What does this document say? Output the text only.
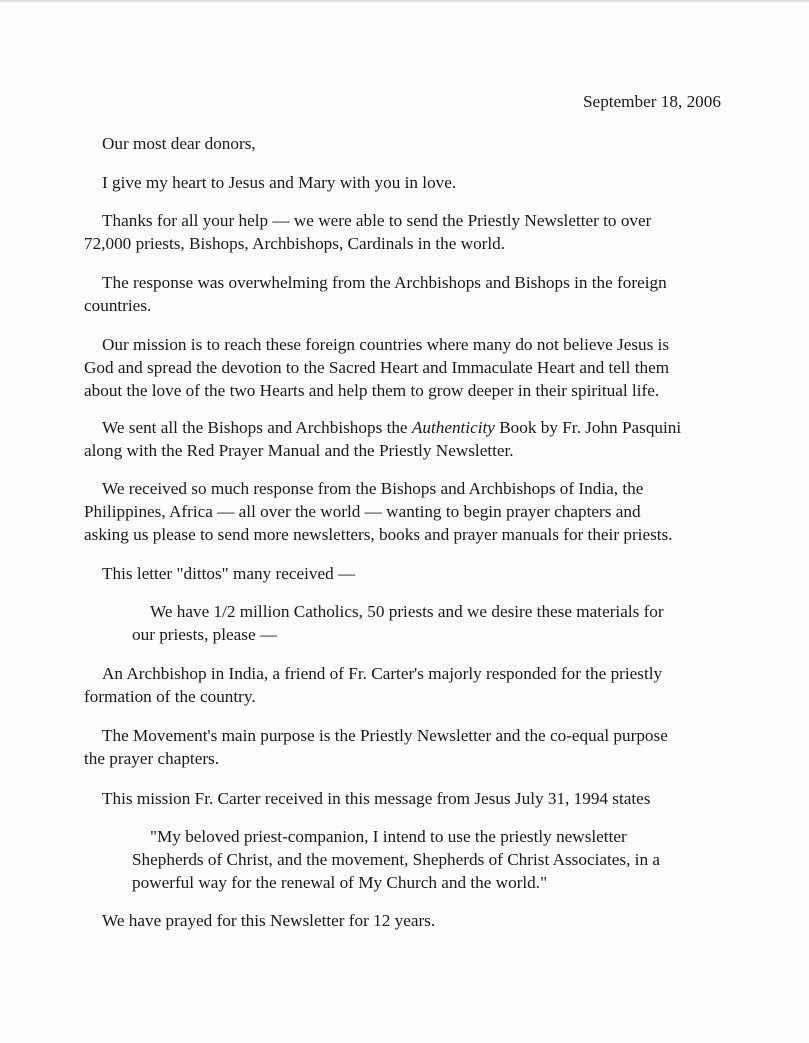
September 18, 2006

Our most dear donors,

I give my heart to Jesus and Mary with you in love.

Thanks for all your help — we were able to send the Priestly Newsletter to over
72,000 priests, Bishops, Archbishops, Cardinals in the world.

The response was overwhelming from the Archbishops and Bishops in the foreign
countries.

Our mission is to reach these foreign countries where many do not believe Jesus is
God and spread the devotion to the Sacred Heart and Immaculate Heart and tell them
about the love of the two Hearts and help them to grow deeper in their spiritual life.

We sent all the Bishops and Archbishops the Authenticity Book by Fr. John Pasquini
along with the Red Prayer Manual and the Priestly Newsletter.

We received so much response from the Bishops and Archbishops of India, the
Philippines, Africa — all over the world — wanting to begin prayer chapters and
asking us please to send more newsletters, books and prayer manuals for their priests.

This letter "dittos" many received —

We have 1/2 million Catholics, 50 priests and we desire these materials for
our priests, please —

An Archbishop in India, a friend of Fr. Carter's majorly responded for the priestly
formation of the country.

The Movement's main purpose is the Priestly Newsletter and the co-equal purpose
the prayer chapters.

This mission Fr. Carter received in this message from Jesus July 31, 1994 states

"My beloved priest-companion, I intend to use the priestly newsletter
Shepherds of Christ, and the movement, Shepherds of Christ Associates, in a
powerful way for the renewal of My Church and the world."

We have prayed for this Newsletter for 12 years.
